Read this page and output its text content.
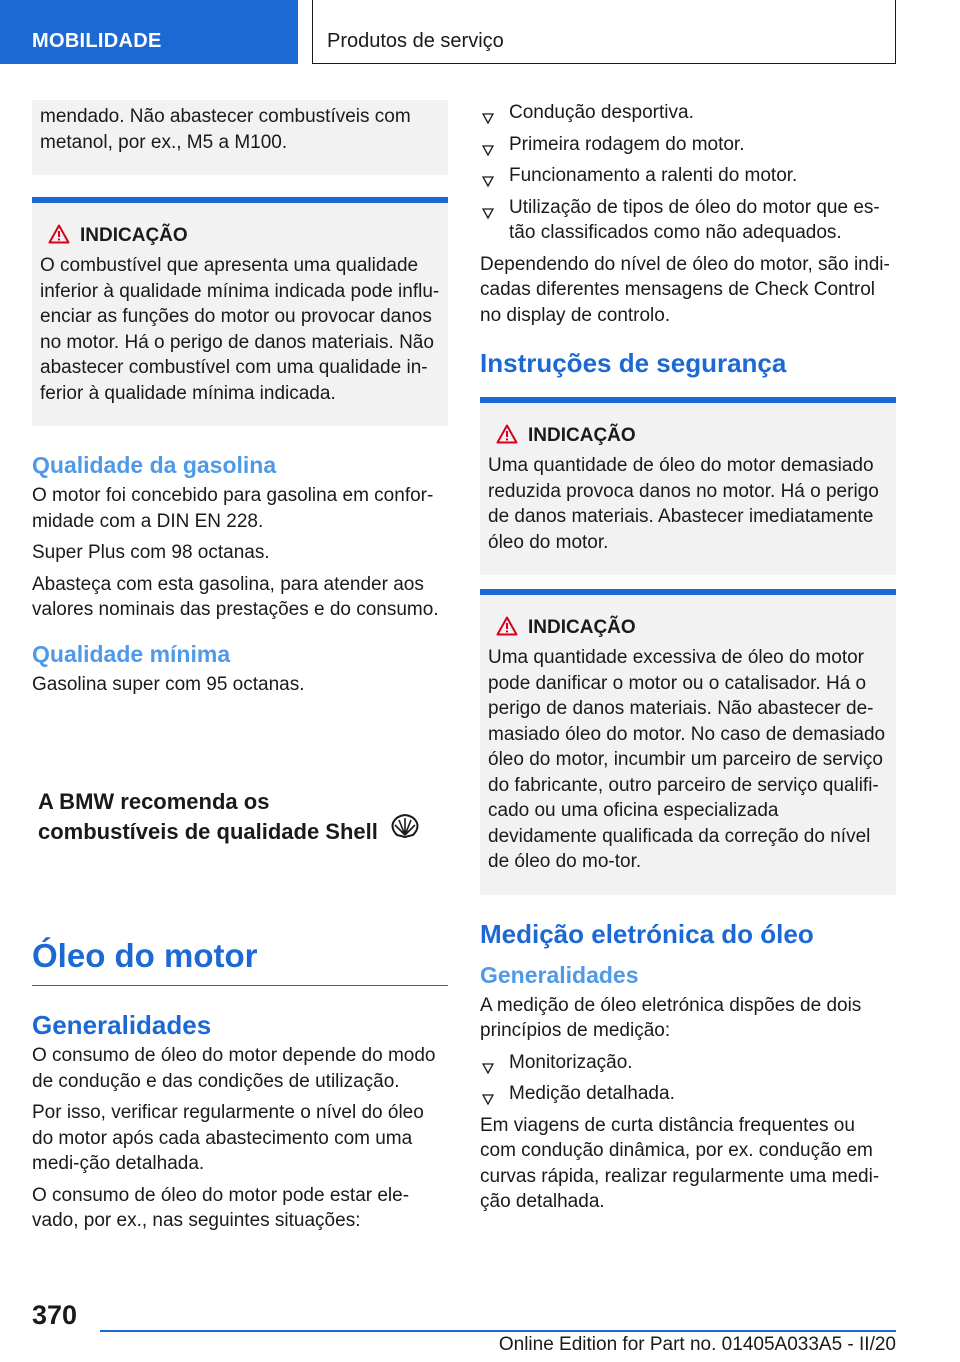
MOBILIDADE	Produtos de serviço

mendado. Não abastecer combustíveis com metanol, por ex., M5 a M100.

INDICAÇÃO

O combustível que apresenta uma qualidade inferior à qualidade mínima indicada pode influ-enciar as funções do motor ou provocar danos no motor. Há o perigo de danos materiais. Não abastecer combustível com uma qualidade in-ferior à qualidade mínima indicada.

Qualidade da gasolina

O motor foi concebido para gasolina em confor-midade com a DIN EN 228.

Super Plus com 98 octanas.

Abasteça com esta gasolina, para atender aos valores nominais das prestações e do consumo.

Qualidade mínima

Gasolina super com 95 octanas.

A BMW recomenda os
combustíveis de qualidade Shell
Óleo do motor
Generalidades

O consumo de óleo do motor depende do modo de condução e das condições de utilização.

Por isso, verificar regularmente o nível do óleo do motor após cada abastecimento com uma medi-ção detalhada.

O consumo de óleo do motor pode estar ele-vado, por ex., nas seguintes situações:

Condução desportiva.
Primeira rodagem do motor.
Funcionamento a ralenti do motor.
Utilização de tipos de óleo do motor que es-tão classificados como não adequados.

Dependendo do nível de óleo do motor, são indi-cadas diferentes mensagens de Check Control no display de controlo.

Instruções de segurança
INDICAÇÃO

Uma quantidade de óleo do motor demasiado reduzida provoca danos no motor. Há o perigo de danos materiais. Abastecer imediatamente óleo do motor.

INDICAÇÃO

Uma quantidade excessiva de óleo do motor pode danificar o motor ou o catalisador. Há o perigo de danos materiais. Não abastecer de-masiado óleo do motor. No caso de demasiado óleo do motor, incumbir um parceiro de serviço do fabricante, outro parceiro de serviço qualifi-cado ou uma oficina especializada devidamente qualificada da correção do nível de óleo do mo-tor.

Medição eletrónica do óleo
Generalidades

A medição de óleo eletrónica dispões de dois princípios de medição:

Monitorização.
Medição detalhada.

Em viagens de curta distância frequentes ou com condução dinâmica, por ex. condução em curvas rápida, realizar regularmente uma medi-ção detalhada.

370
Online Edition for Part no. 01405A033A5 - II/20
